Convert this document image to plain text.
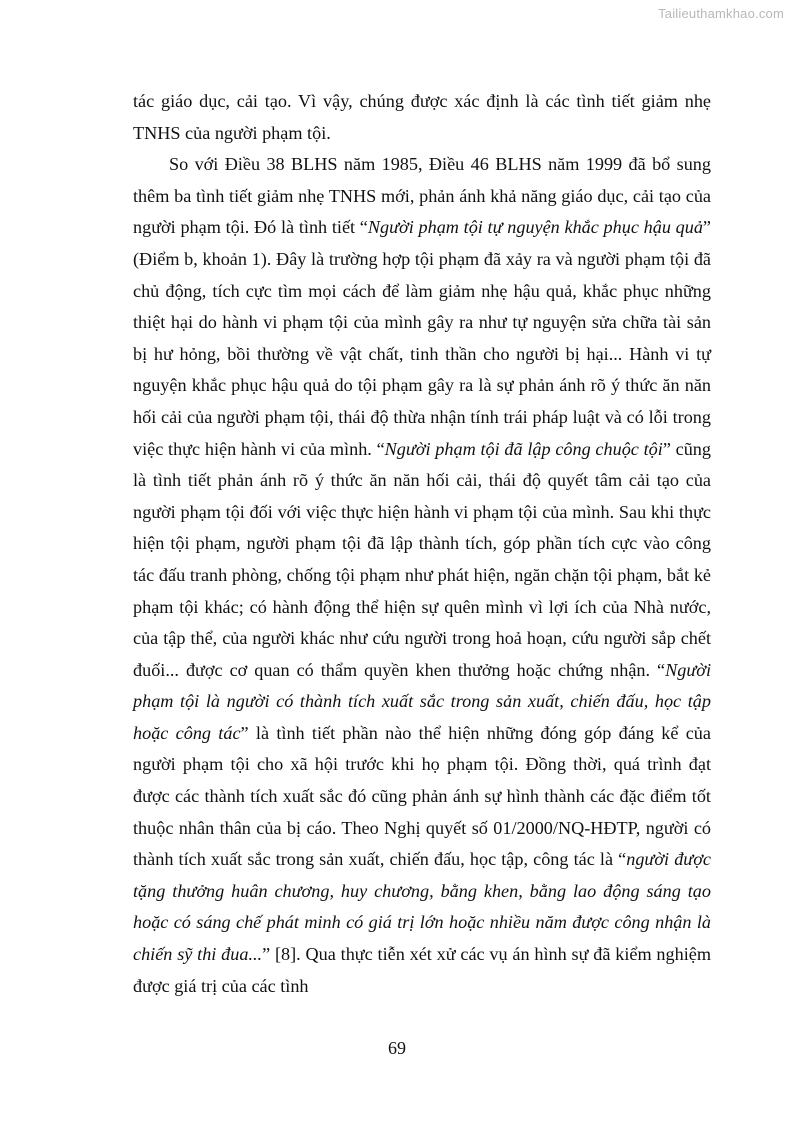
Tailieuthamkhao.com

tác giáo dục, cải tạo. Vì vậy, chúng được xác định là các tình tiết giảm nhẹ TNHS của người phạm tội.

So với Điều 38 BLHS năm 1985, Điều 46 BLHS năm 1999 đã bổ sung thêm ba tình tiết giảm nhẹ TNHS mới, phản ánh khả năng giáo dục, cải tạo của người phạm tội. Đó là tình tiết “Người phạm tội tự nguyện khắc phục hậu quả” (Điểm b, khoản 1). Đây là trường hợp tội phạm đã xảy ra và người phạm tội đã chủ động, tích cực tìm mọi cách để làm giảm nhẹ hậu quả, khắc phục những thiệt hại do hành vi phạm tội của mình gây ra như tự nguyện sửa chữa tài sản bị hư hỏng, bồi thường về vật chất, tinh thần cho người bị hại... Hành vi tự nguyện khắc phục hậu quả do tội phạm gây ra là sự phản ánh rõ ý thức ăn năn hối cải của người phạm tội, thái độ thừa nhận tính trái pháp luật và có lỗi trong việc thực hiện hành vi của mình. “Người phạm tội đã lập công chuộc tội” cũng là tình tiết phản ánh rõ ý thức ăn năn hối cải, thái độ quyết tâm cải tạo của người phạm tội đối với việc thực hiện hành vi phạm tội của mình. Sau khi thực hiện tội phạm, người phạm tội đã lập thành tích, góp phần tích cực vào công tác đấu tranh phòng, chống tội phạm như phát hiện, ngăn chặn tội phạm, bắt kẻ phạm tội khác; có hành động thể hiện sự quên mình vì lợi ích của Nhà nước, của tập thể, của người khác như cứu người trong hoả hoạn, cứu người sắp chết đuối... được cơ quan có thẩm quyền khen thưởng hoặc chứng nhận. “Người phạm tội là người có thành tích xuất sắc trong sản xuất, chiến đấu, học tập hoặc công tác” là tình tiết phần nào thể hiện những đóng góp đáng kể của người phạm tội cho xã hội trước khi họ phạm tội. Đồng thời, quá trình đạt được các thành tích xuất sắc đó cũng phản ánh sự hình thành các đặc điểm tốt thuộc nhân thân của bị cáo. Theo Nghị quyết số 01/2000/NQ-HĐTP, người có thành tích xuất sắc trong sản xuất, chiến đấu, học tập, công tác là “người được tặng thưởng huân chương, huy chương, bằng khen, bằng lao động sáng tạo hoặc có sáng chế phát minh có giá trị lớn hoặc nhiều năm được công nhận là chiến sỹ thi đua...” [8]. Qua thực tiễn xét xử các vụ án hình sự đã kiểm nghiệm được giá trị của các tình

69
